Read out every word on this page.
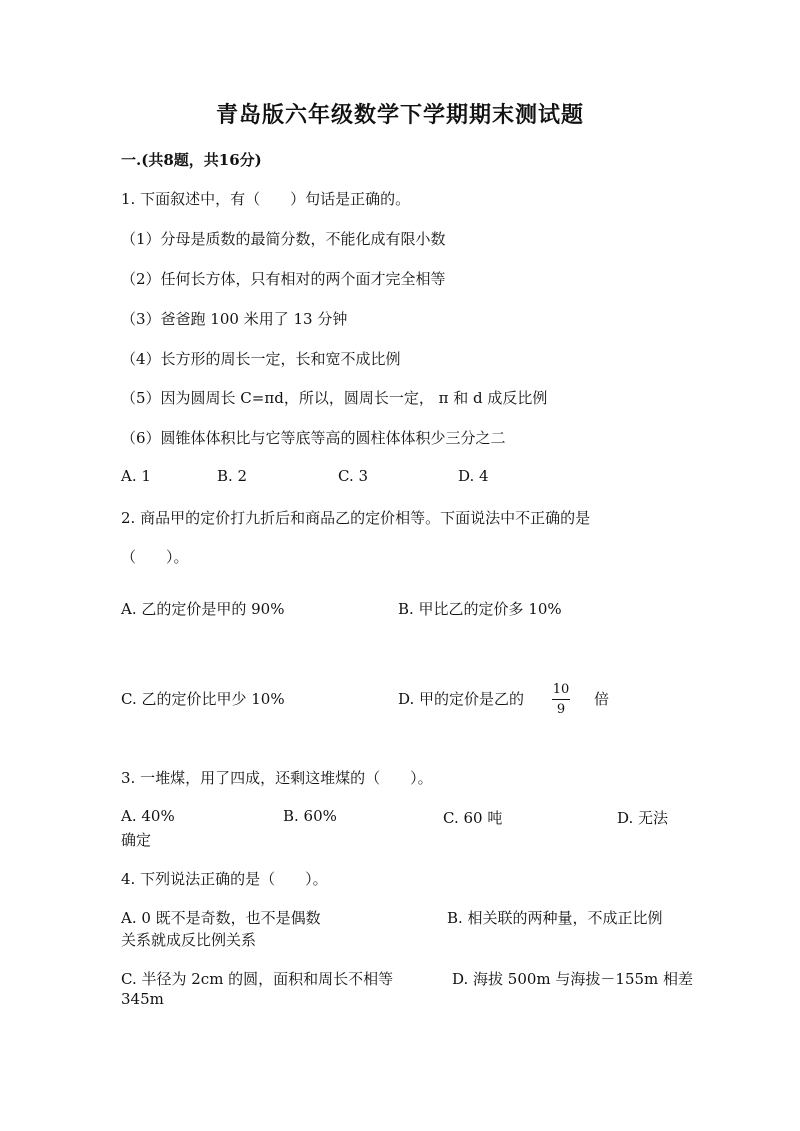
青岛版六年级数学下学期期末测试题
一.(共8题，共16分)
1. 下面叙述中，有（　　）句话是正确的。
（1）分母是质数的最简分数，不能化成有限小数
（2）任何长方体，只有相对的两个面才完全相等
（3）爸爸跑 100 米用了 13 分钟
（4）长方形的周长一定，长和宽不成比例
（5）因为圆周长 C=πd，所以，圆周长一定， π 和 d 成反比例
（6）圆锥体体积比与它等底等高的圆柱体体积少三分之二
A. 1	B. 2	C. 3	D. 4
2. 商品甲的定价打九折后和商品乙的定价相等。下面说法中不正确的是
（　　）。
A. 乙的定价是甲的 90%	B. 甲比乙的定价多 10%
C. 乙的定价比甲少 10%	D. 甲的定价是乙的
10
9
倍
3. 一堆煤，用了四成，还剩这堆煤的（　　）。
A. 40%	B. 60%	C. 60 吨	D. 无法
确定
4. 下列说法正确的是（　　）。
A. 0 既不是奇数，也不是偶数	B. 相关联的两种量，不成正比例
关系就成反比例关系
C. 半径为 2cm 的圆，面积和周长不相等	D. 海拔 500m 与海拔－155m 相差
345m
